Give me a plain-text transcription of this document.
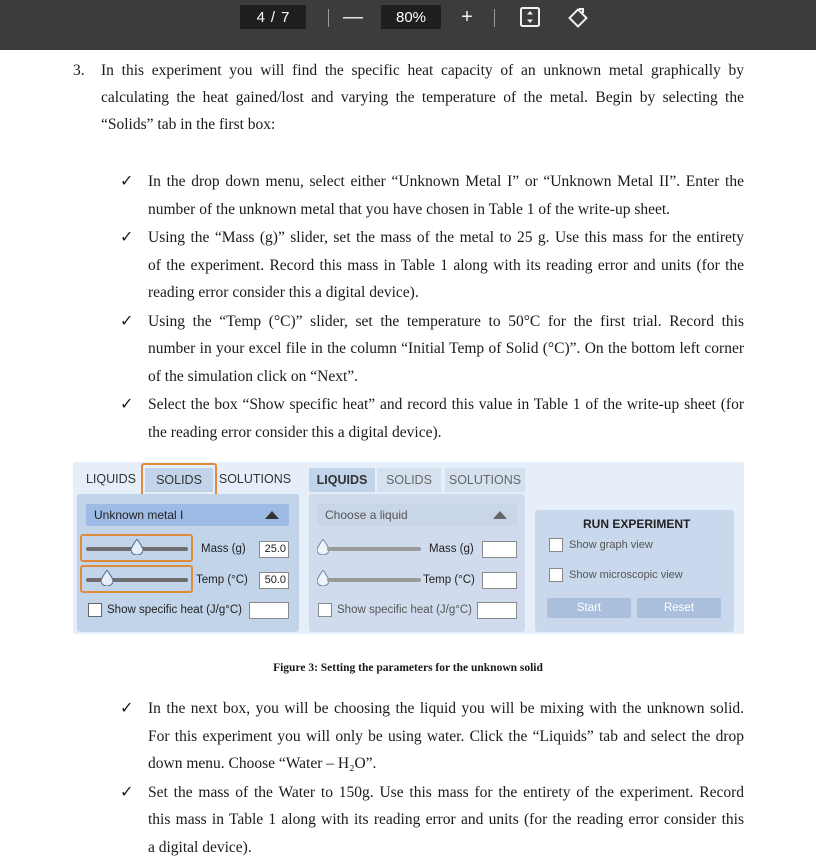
4 / 7	—	80%	+
3. In this experiment you will find the specific heat capacity of an unknown metal graphically by
calculating the heat gained/lost and varying the temperature of the metal. Begin by selecting the
“Solids” tab in the first box:
✓ In the drop down menu, select either “Unknown Metal I” or “Unknown Metal II”. Enter the
number of the unknown metal that you have chosen in Table 1 of the write-up sheet.
✓ Using the “Mass (g)” slider, set the mass of the metal to 25 g. Use this mass for the entirety
of the experiment. Record this mass in Table 1 along with its reading error and units (for the
reading error consider this a digital device).
✓ Using the “Temp (°C)” slider, set the temperature to 50°C for the first trial. Record this
number in your excel file in the column “Initial Temp of Solid (°C)”. On the bottom left corner
of the simulation click on “Next”.
✓ Select the box “Show specific heat” and record this value in Table 1 of the write-up sheet (for
the reading error consider this a digital device).
LIQUIDS	SOLIDS	SOLUTIONS
Unknown metal I
Mass (g)	25.0
Temp (°C)	50.0
Show specific heat (J/g°C)
LIQUIDS	SOLIDS	SOLUTIONS
Choose a liquid
Mass (g)
Temp (°C)
Show specific heat (J/g°C)
RUN EXPERIMENT
Show graph view
Show microscopic view
Start	Reset
Figure 3: Setting the parameters for the unknown solid
✓ In the next box, you will be choosing the liquid you will be mixing with the unknown solid.
For this experiment you will only be using water. Click the “Liquids” tab and select the drop
down menu. Choose “Water – H₂O”.
✓ Set the mass of the Water to 150g. Use this mass for the entirety of the experiment. Record
this mass in Table 1 along with its reading error and units (for the reading error consider this
a digital device).
